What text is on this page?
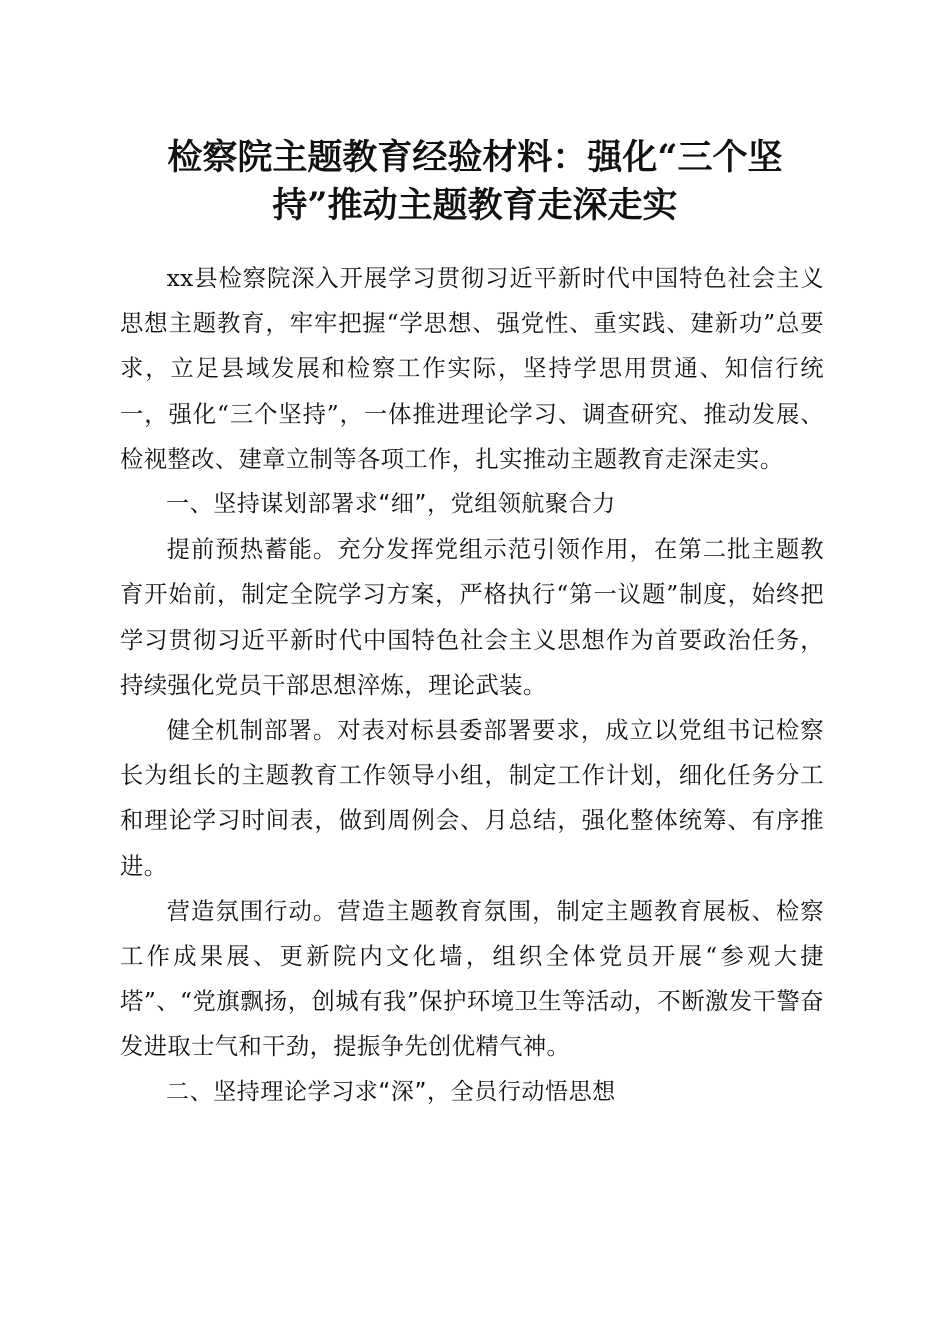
检察院主题教育经验材料：强化“三个坚
持”推动主题教育走深走实

xx县检察院深入开展学习贯彻习近平新时代中国特色社会主义思想主题教育，牢牢把握“学思想、强党性、重实践、建新功”总要求，立足县域发展和检察工作实际，坚持学思用贯通、知信行统一，强化“三个坚持”，一体推进理论学习、调查研究、推动发展、检视整改、建章立制等各项工作，扎实推动主题教育走深走实。

一、坚持谋划部署求“细”，党组领航聚合力

提前预热蓄能。充分发挥党组示范引领作用，在第二批主题教育开始前，制定全院学习方案，严格执行“第一议题”制度，始终把学习贯彻习近平新时代中国特色社会主义思想作为首要政治任务，持续强化党员干部思想淬炼，理论武装。

健全机制部署。对表对标县委部署要求，成立以党组书记检察长为组长的主题教育工作领导小组，制定工作计划，细化任务分工和理论学习时间表，做到周例会、月总结，强化整体统筹、有序推进。

营造氛围行动。营造主题教育氛围，制定主题教育展板、检察工作成果展、更新院内文化墙，组织全体党员开展“参观大捷塔”、“党旗飘扬，创城有我”保护环境卫生等活动，不断激发干警奋发进取士气和干劲，提振争先创优精气神。

二、坚持理论学习求“深”，全员行动悟思想
